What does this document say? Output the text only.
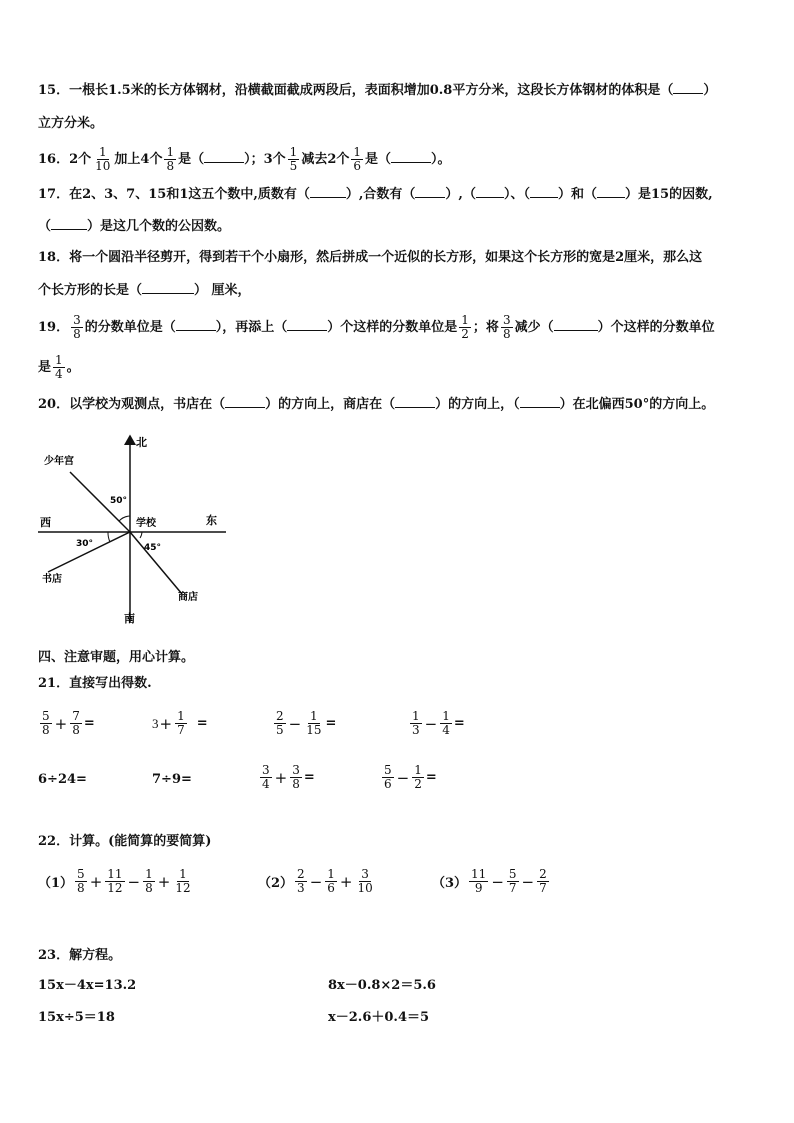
15．一根长1.5米的长方体钢材，沿横截面截成两段后，表面积增加0.8平方分米，这段长方体钢材的体积是（ ）
立方分米。
16．2个 $\frac{1}{10}$ 加上4个 $\frac{1}{8}$ 是（	）；3个 $\frac{1}{5}$ 减去2个 $\frac{1}{6}$ 是（	）。
17．在2、3、7、15和1这五个数中,质数有（	）,合数有（ ）,（ ）、（ ）和（ ）是15的因数,
（	）是这几个数的公因数。
18．将一个圆沿半径剪开，得到若干个小扇形，然后拼成一个近似的长方形，如果这个长方形的宽是2厘米，那么这
个长方形的长是（	） 厘米，
19． $\frac{3}{8}$ 的分数单位是（	），再添上（	）个这样的分数单位是 $\frac{1}{2}$ ；将 $\frac{3}{8}$ 减少（	）个这样的分数单位
是 $\frac{1}{4}$ 。
20．以学校为观测点，书店在（	）的方向上，商店在（	）的方向上，（	）在北偏西50°的方向上。
北
南
东
西	学校
少年宫
书店
商店
50°
30°	45°
四、注意审题，用心计算。
21．直接写出得数.
$\frac{5}{8} + \frac{7}{8}$ =	$3 + \frac{1}{7}$ =	$\frac{2}{5} - \frac{1}{15}$ =	$\frac{1}{3} - \frac{1}{4}$ =
6÷24=	7÷9=	$\frac{3}{4} + \frac{3}{8}$ =	$\frac{5}{6} - \frac{1}{2}$ =
22．计算。(能简算的要简算)
$(1) \frac{5}{8} + \frac{11}{12} - \frac{1}{8} + \frac{1}{12}$	$(2) \frac{2}{3} - \frac{1}{6} + \frac{3}{10}$	$(3) \frac{11}{9} - \frac{5}{7} - \frac{2}{7}$
23．解方程。
15x－4x=13.2	8x－0.8×2＝5.6
15x÷5＝18	x－2.6＋0.4＝5
